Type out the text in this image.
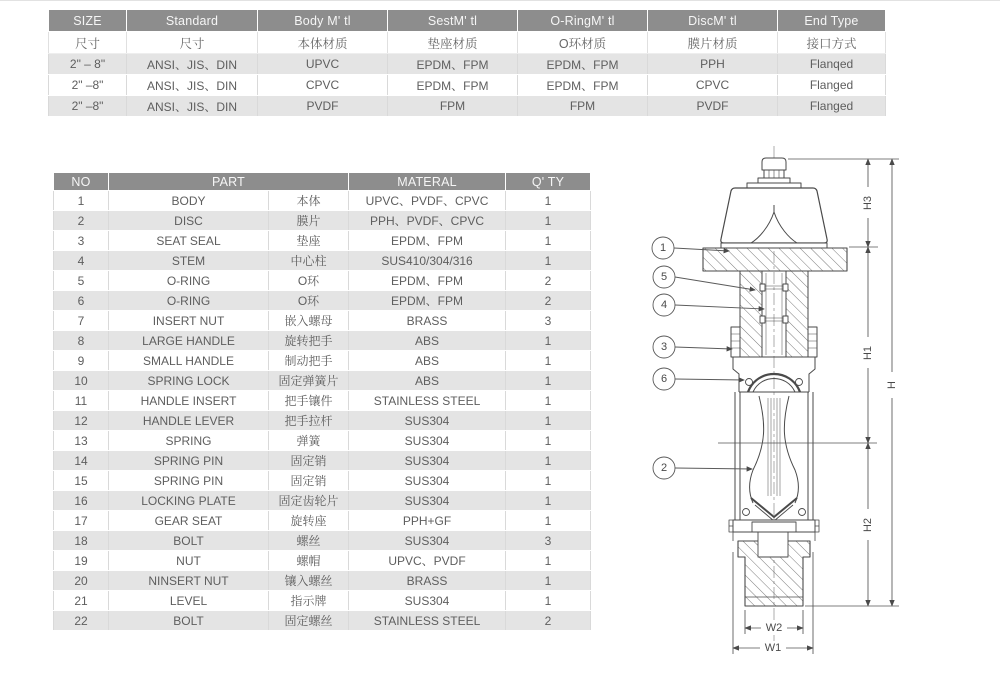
SIZE	Standard	Body M' tl	SestM' tl	O-RingM' tl	DiscM' tl	End Type
尺寸	尺寸	本体材质	垫座材质	O环材质	膜片材质	接口方式
2" – 8"	ANSI、JIS、DIN	UPVC	EPDM、FPM	EPDM、FPM	PPH	Flanqed
2" –8"	ANSI、JIS、DIN	CPVC	EPDM、FPM	EPDM、FPM	CPVC	Flanged
2" –8"	ANSI、JIS、DIN	PVDF	FPM	FPM	PVDF	Flanged
NO	PART		MATERAL	Q' TY
1	BODY	本体	UPVC、PVDF、CPVC	1
2	DISC	膜片	PPH、PVDF、CPVC	1
3	SEAT SEAL	垫座	EPDM、FPM	1
4	STEM	中心柱	SUS410/304/316	1
5	O-RING	O环	EPDM、FPM	2
6	O-RING	O环	EPDM、FPM	2
7	INSERT NUT	嵌入螺母	BRASS	3
8	LARGE HANDLE	旋转把手	ABS	1
9	SMALL HANDLE	制动把手	ABS	1
10	SPRING LOCK	固定弹簧片	ABS	1
11	HANDLE INSERT	把手镶件	STAINLESS STEEL	1
12	HANDLE LEVER	把手拉杆	SUS304	1
13	SPRING	弹簧	SUS304	1
14	SPRING PIN	固定销	SUS304	1
15	SPRING PIN	固定销	SUS304	1
16	LOCKING PLATE	固定齿轮片	SUS304	1
17	GEAR SEAT	旋转座	PPH+GF	1
18	BOLT	螺丝	SUS304	3
19	NUT	螺帽	UPVC、PVDF	1
20	NINSERT NUT	镶入螺丝	BRASS	1
21	LEVEL	指示牌	SUS304	1
22	BOLT	固定螺丝	STAINLESS STEEL	2
H3
H1
H2
H
W2
W1
1
5
4
3
6
2
